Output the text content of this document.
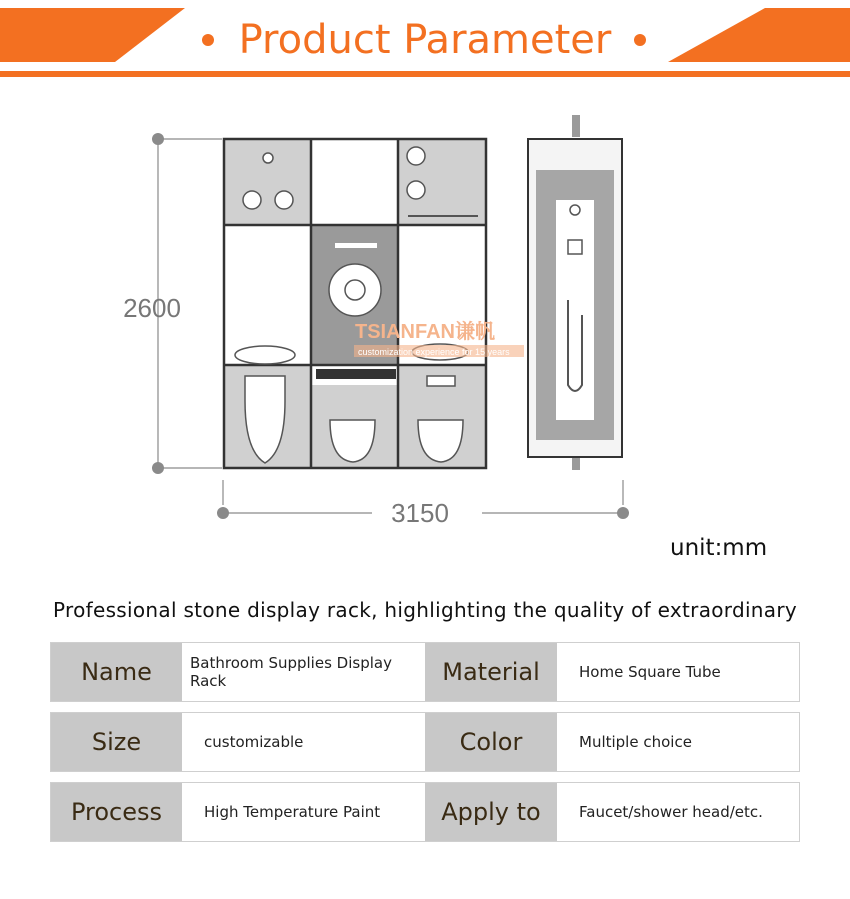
Product Parameter
2600
3150
TSIANFAN谦帆
customization experience for 15 years
unit:mm
Professional stone display rack, highlighting the quality of extraordinary
Name	Bathroom Supplies Display Rack	Material	Home Square Tube
Size	customizable	Color	Multiple choice
Process	High Temperature Paint	Apply to	Faucet/shower head/etc.
